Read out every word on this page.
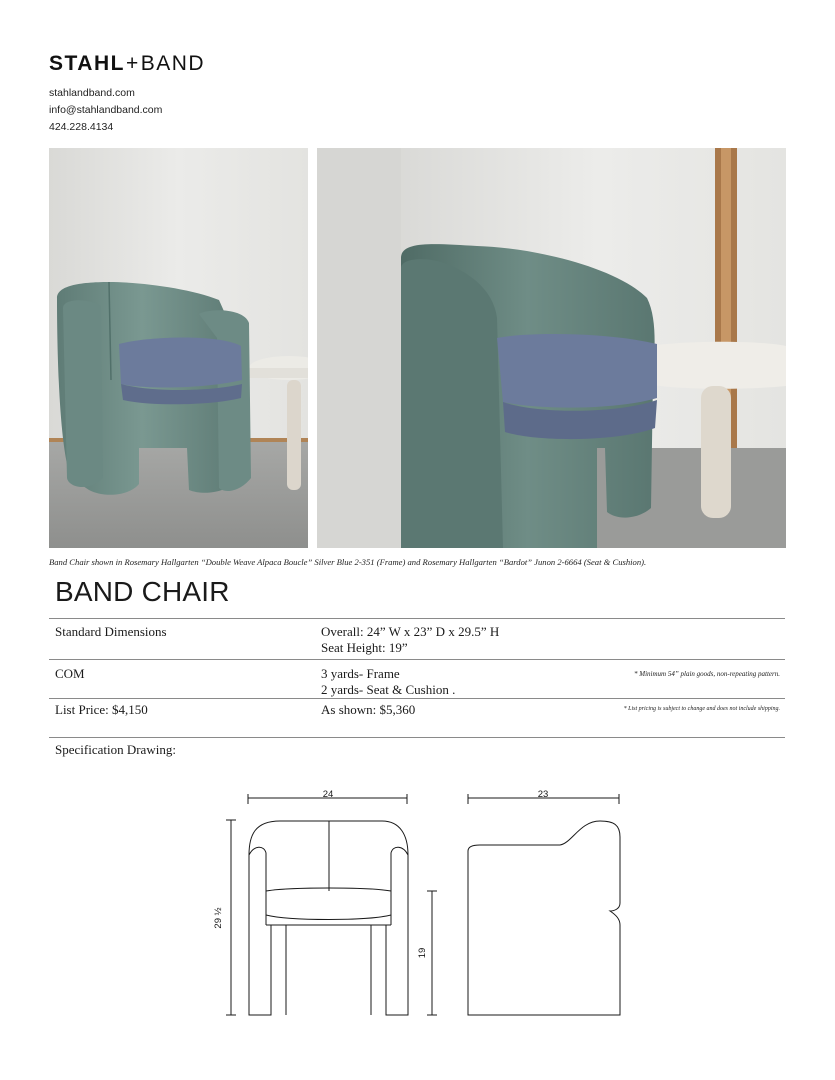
STAHL+BAND
stahlandband.com
info@stahlandband.com
424.228.4134
Band Chair shown in Rosemary Hallgarten “Double Weave Alpaca Boucle” Silver Blue 2-351 (Frame) and Rosemary Hallgarten “Bardot” Junon 2-6664 (Seat & Cushion).
BAND CHAIR
Standard Dimensions	Overall: 24” W x 23” D x 29.5” H
Seat Height: 19”
COM	3 yards- Frame
2 yards- Seat & Cushion .
* Minimum 54” plain goods, non-repeating pattern.
List Price: $4,150	As shown: $5,360	* List pricing is subject to change and does not include shipping.
Specification Drawing:
24	23
29 ½
19
